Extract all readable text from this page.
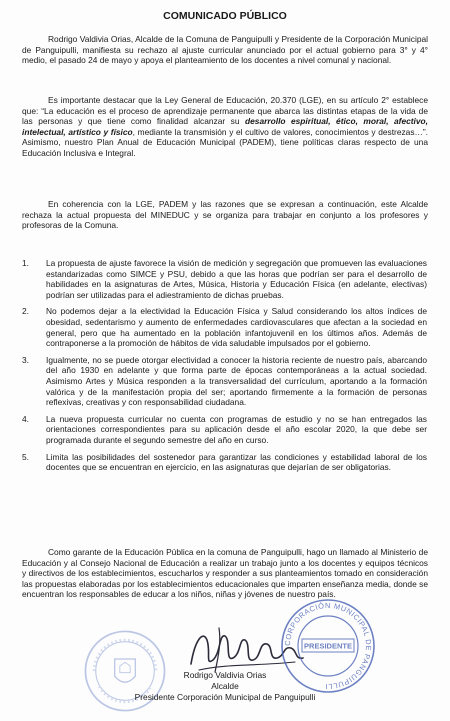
COMUNICADO PÚBLICO

Rodrigo Valdivia Orias, Alcalde de la Comuna de Panguipulli y Presidente de la Corporación Municipal de Panguipulli, manifiesta su rechazo al ajuste curricular anunciado por el actual gobierno para 3° y 4° medio, el pasado 24 de mayo y apoya el planteamiento de los docentes a nivel comunal y nacional.

Es importante destacar que la Ley General de Educación, 20.370 (LGE), en su artículo 2° establece que: “La educación es el proceso de aprendizaje permanente que abarca las distintas etapas de la vida de las personas y que tiene como finalidad alcanzar su desarrollo espiritual, ético, moral, afectivo, intelectual, artístico y físico, mediante la transmisión y el cultivo de valores, conocimientos y destrezas…”. Asimismo, nuestro Plan Anual de Educación Municipal (PADEM), tiene políticas claras respecto de una Educación Inclusiva e Integral.

En coherencia con la LGE, PADEM y las razones que se expresan a continuación, este Alcalde rechaza la actual propuesta del MINEDUC y se organiza para trabajar en conjunto a los profesores y profesoras de la Comuna.

1. La propuesta de ajuste favorece la visión de medición y segregación que promueven las evaluaciones estandarizadas como SIMCE y PSU, debido a que las horas que podrían ser para el desarrollo de habilidades en la asignaturas de Artes, Música, Historia y Educación Física (en adelante, electivas) podrían ser utilizadas para el adiestramiento de dichas pruebas.
2. No podemos dejar a la electividad la Educación Física y Salud considerando los altos índices de obesidad, sedentarismo y aumento de enfermedades cardiovasculares que afectan a la sociedad en general, pero que ha aumentado en la población infantojuvenil en los últimos años. Además de contraponerse a la promoción de hábitos de vida saludable impulsados por el gobierno.
3. Igualmente, no se puede otorgar electividad a conocer la historia reciente de nuestro país, abarcando del año 1930 en adelante y que forma parte de épocas contemporáneas a la actual sociedad. Asimismo Artes y Música responden a la transversalidad del currículum, aportando a la formación valórica y de la manifestación propia del ser; aportando firmemente a la formación de personas reflexivas, creativas y con responsabilidad ciudadana.
4. La nueva propuesta curricular no cuenta con programas de estudio y no se han entregados las orientaciones correspondientes para su aplicación desde el año escolar 2020, la que debe ser programada durante el segundo semestre del año en curso.
5. Limita las posibilidades del sostenedor para garantizar las condiciones y estabilidad laboral de los docentes que se encuentran en ejercicio, en las asignaturas que dejarían de ser obligatorias.

Como garante de la Educación Pública en la comuna de Panguipulli, hago un llamado al Ministerio de Educación y al Consejo Nacional de Educación a realizar un trabajo junto a los docentes y equipos técnicos y directivos de los establecimientos, escucharlos y responder a sus planteamientos tomado en consideración las propuestas elaboradas por los establecimientos educacionales que imparten enseñanza media, donde se encuentran los responsables de educar a los niños, niñas y jóvenes de nuestro país.

CORPORACIÓN MUNICIPAL DE PANGUIPULLI
PRESIDENTE
Rodrigo Valdivia Orias
Alcalde
Presidente Corporación Municipal de Panguipulli
